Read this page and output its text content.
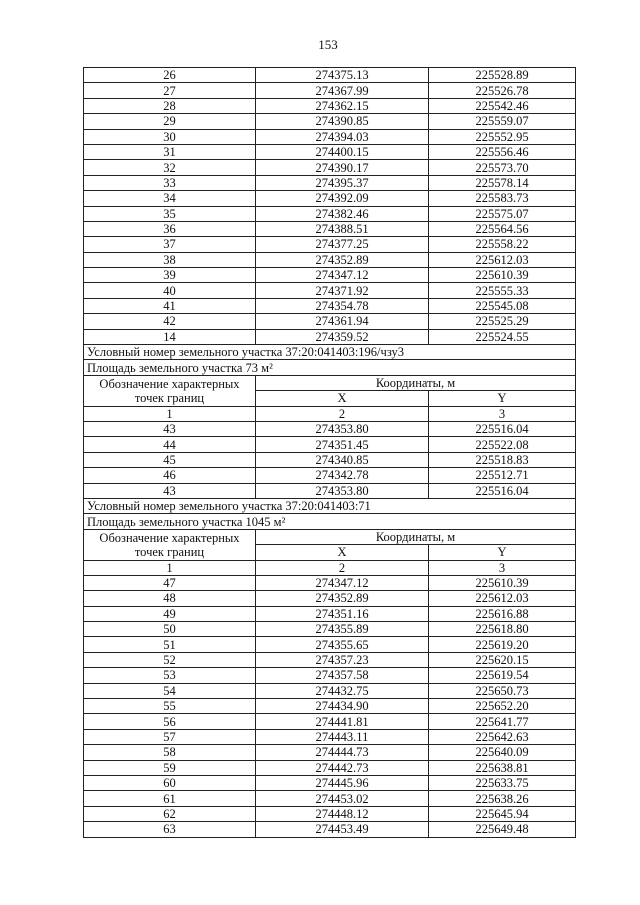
153
26	274375.13	225528.89
27	274367.99	225526.78
28	274362.15	225542.46
29	274390.85	225559.07
30	274394.03	225552.95
31	274400.15	225556.46
32	274390.17	225573.70
33	274395.37	225578.14
34	274392.09	225583.73
35	274382.46	225575.07
36	274388.51	225564.56
37	274377.25	225558.22
38	274352.89	225612.03
39	274347.12	225610.39
40	274371.92	225555.33
41	274354.78	225545.08
42	274361.94	225525.29
14	274359.52	225524.55
Условный номер земельного участка 37:20:041403:196/чзу3		
Площадь земельного участка 73 м²		

Обозначение характерных
точек границ	Координаты, м	
	X	Y
1	2	3
43	274353.80	225516.04
44	274351.45	225522.08
45	274340.85	225518.83
46	274342.78	225512.71
43	274353.80	225516.04
Условный номер земельного участка 37:20:041403:71		
Площадь земельного участка 1045 м²		

Обозначение характерных
точек границ	Координаты, м	
	X	Y
1	2	3
47	274347.12	225610.39
48	274352.89	225612.03
49	274351.16	225616.88
50	274355.89	225618.80
51	274355.65	225619.20
52	274357.23	225620.15
53	274357.58	225619.54
54	274432.75	225650.73
55	274434.90	225652.20
56	274441.81	225641.77
57	274443.11	225642.63
58	274444.73	225640.09
59	274442.73	225638.81
60	274445.96	225633.75
61	274453.02	225638.26
62	274448.12	225645.94
63	274453.49	225649.48
